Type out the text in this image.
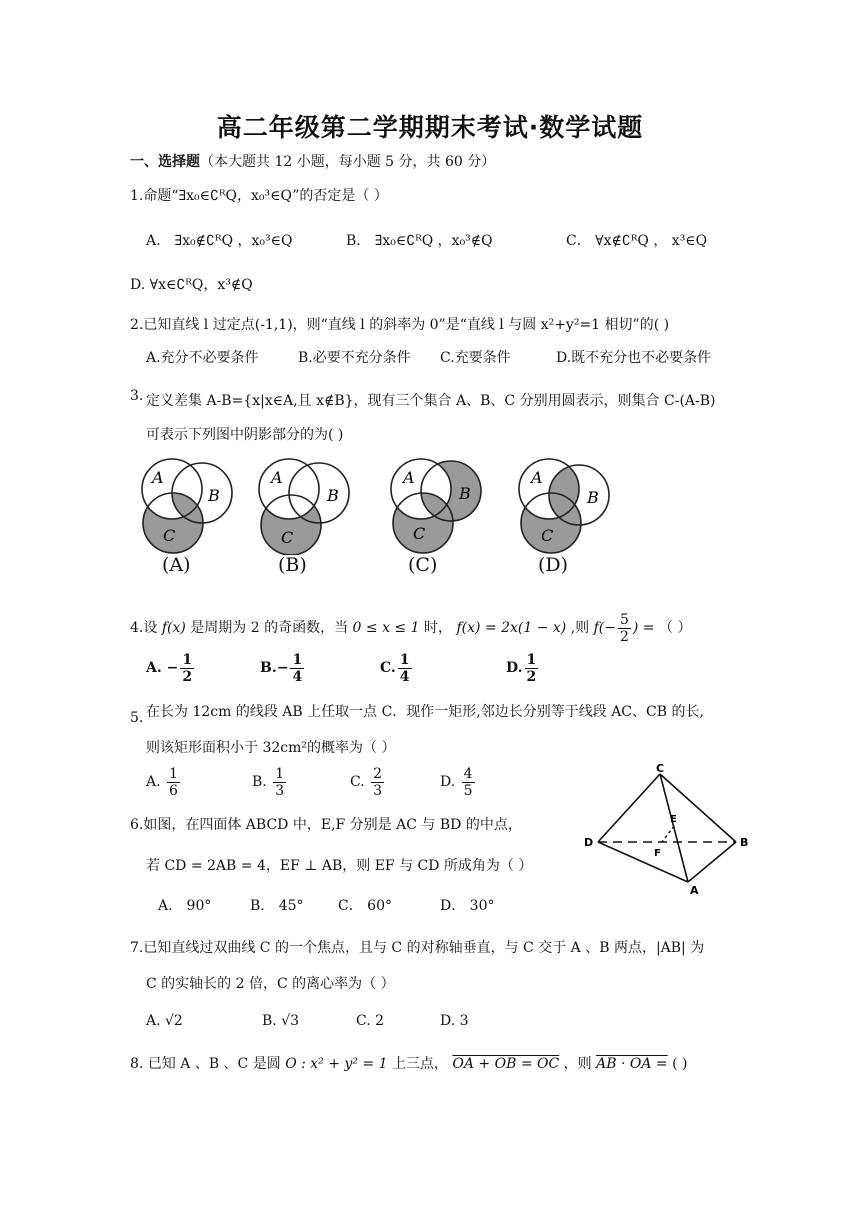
高二年级第二学期期末考试·数学试题
一、选择题（本大题共 12 小题，每小题 5 分，共 60 分）
1.命题“∃x₀∈∁ᴿQ，x₀³∈Q”的否定是（ ）
A． ∃x₀∉∁ᴿQ ，x₀³∈Q	B． ∃x₀∈∁ᴿQ ，x₀³∉Q	C． ∀x∉∁ᴿQ ， x³∈Q
D. ∀x∈∁ᴿQ，x³∉Q
2.已知直线 l 过定点(-1,1)，则“直线 l 的斜率为 0”是“直线 l 与圆 x²+y²=1 相切”的( )
A.充分不必要条件	B.必要不充分条件 C.充要条件	D.既不充分也不必要条件
3. 定义差集 A-B={x|x∈A,且 x∉B}，现有三个集合 A、B、C 分别用圆表示，则集合 C-(A-B)
可表示下列图中阴影部分的为( )
A
B
C
(A)
A
B
C
(B)
A
B
C
(C)
A
B
C
(D)
4.设 f(x) 是周期为 2 的奇函数，当 0 ≤ x ≤ 1 时， f(x) = 2x(1 − x) ,则 $f(- \frac{5}{2}$ ) = （ ）
A. − $\frac{1}{2}$	$B.- \frac{1}{4}$	C. $\frac{1}{4}$	D. $\frac{1}{2}$
5. 在长为 12cm 的线段 AB 上任取一点 C．现作一矩形,邻边长分别等于线段 AC、CB 的长,
则该矩形面积小于 32cm²的概率为（ ）
A. $\frac{1}{6}$	B. $\frac{1}{3}$	C. $\frac{2}{3}$	D. $\frac{4}{5}$	C
D	B
A
E
F
6.如图，在四面体 ABCD 中，E,F 分别是 AC 与 BD 的中点，
若 CD = 2AB = 4，EF ⊥ AB，则 EF 与 CD 所成角为（ ）
A． 90°	B． 45° C． 60°	D． 30°
7.已知直线过双曲线 C 的一个焦点，且与 C 的对称轴垂直，与 C 交于 A 、B 两点，|AB| 为
C 的实轴长的 2 倍，C 的离心率为（ ）
A. √2	B. √3	C. 2	D. 3
8. 已知 A 、B 、C 是圆 O : x² + y² = 1 上三点， OA + OB = OC ，则 AB · OA = ( )
